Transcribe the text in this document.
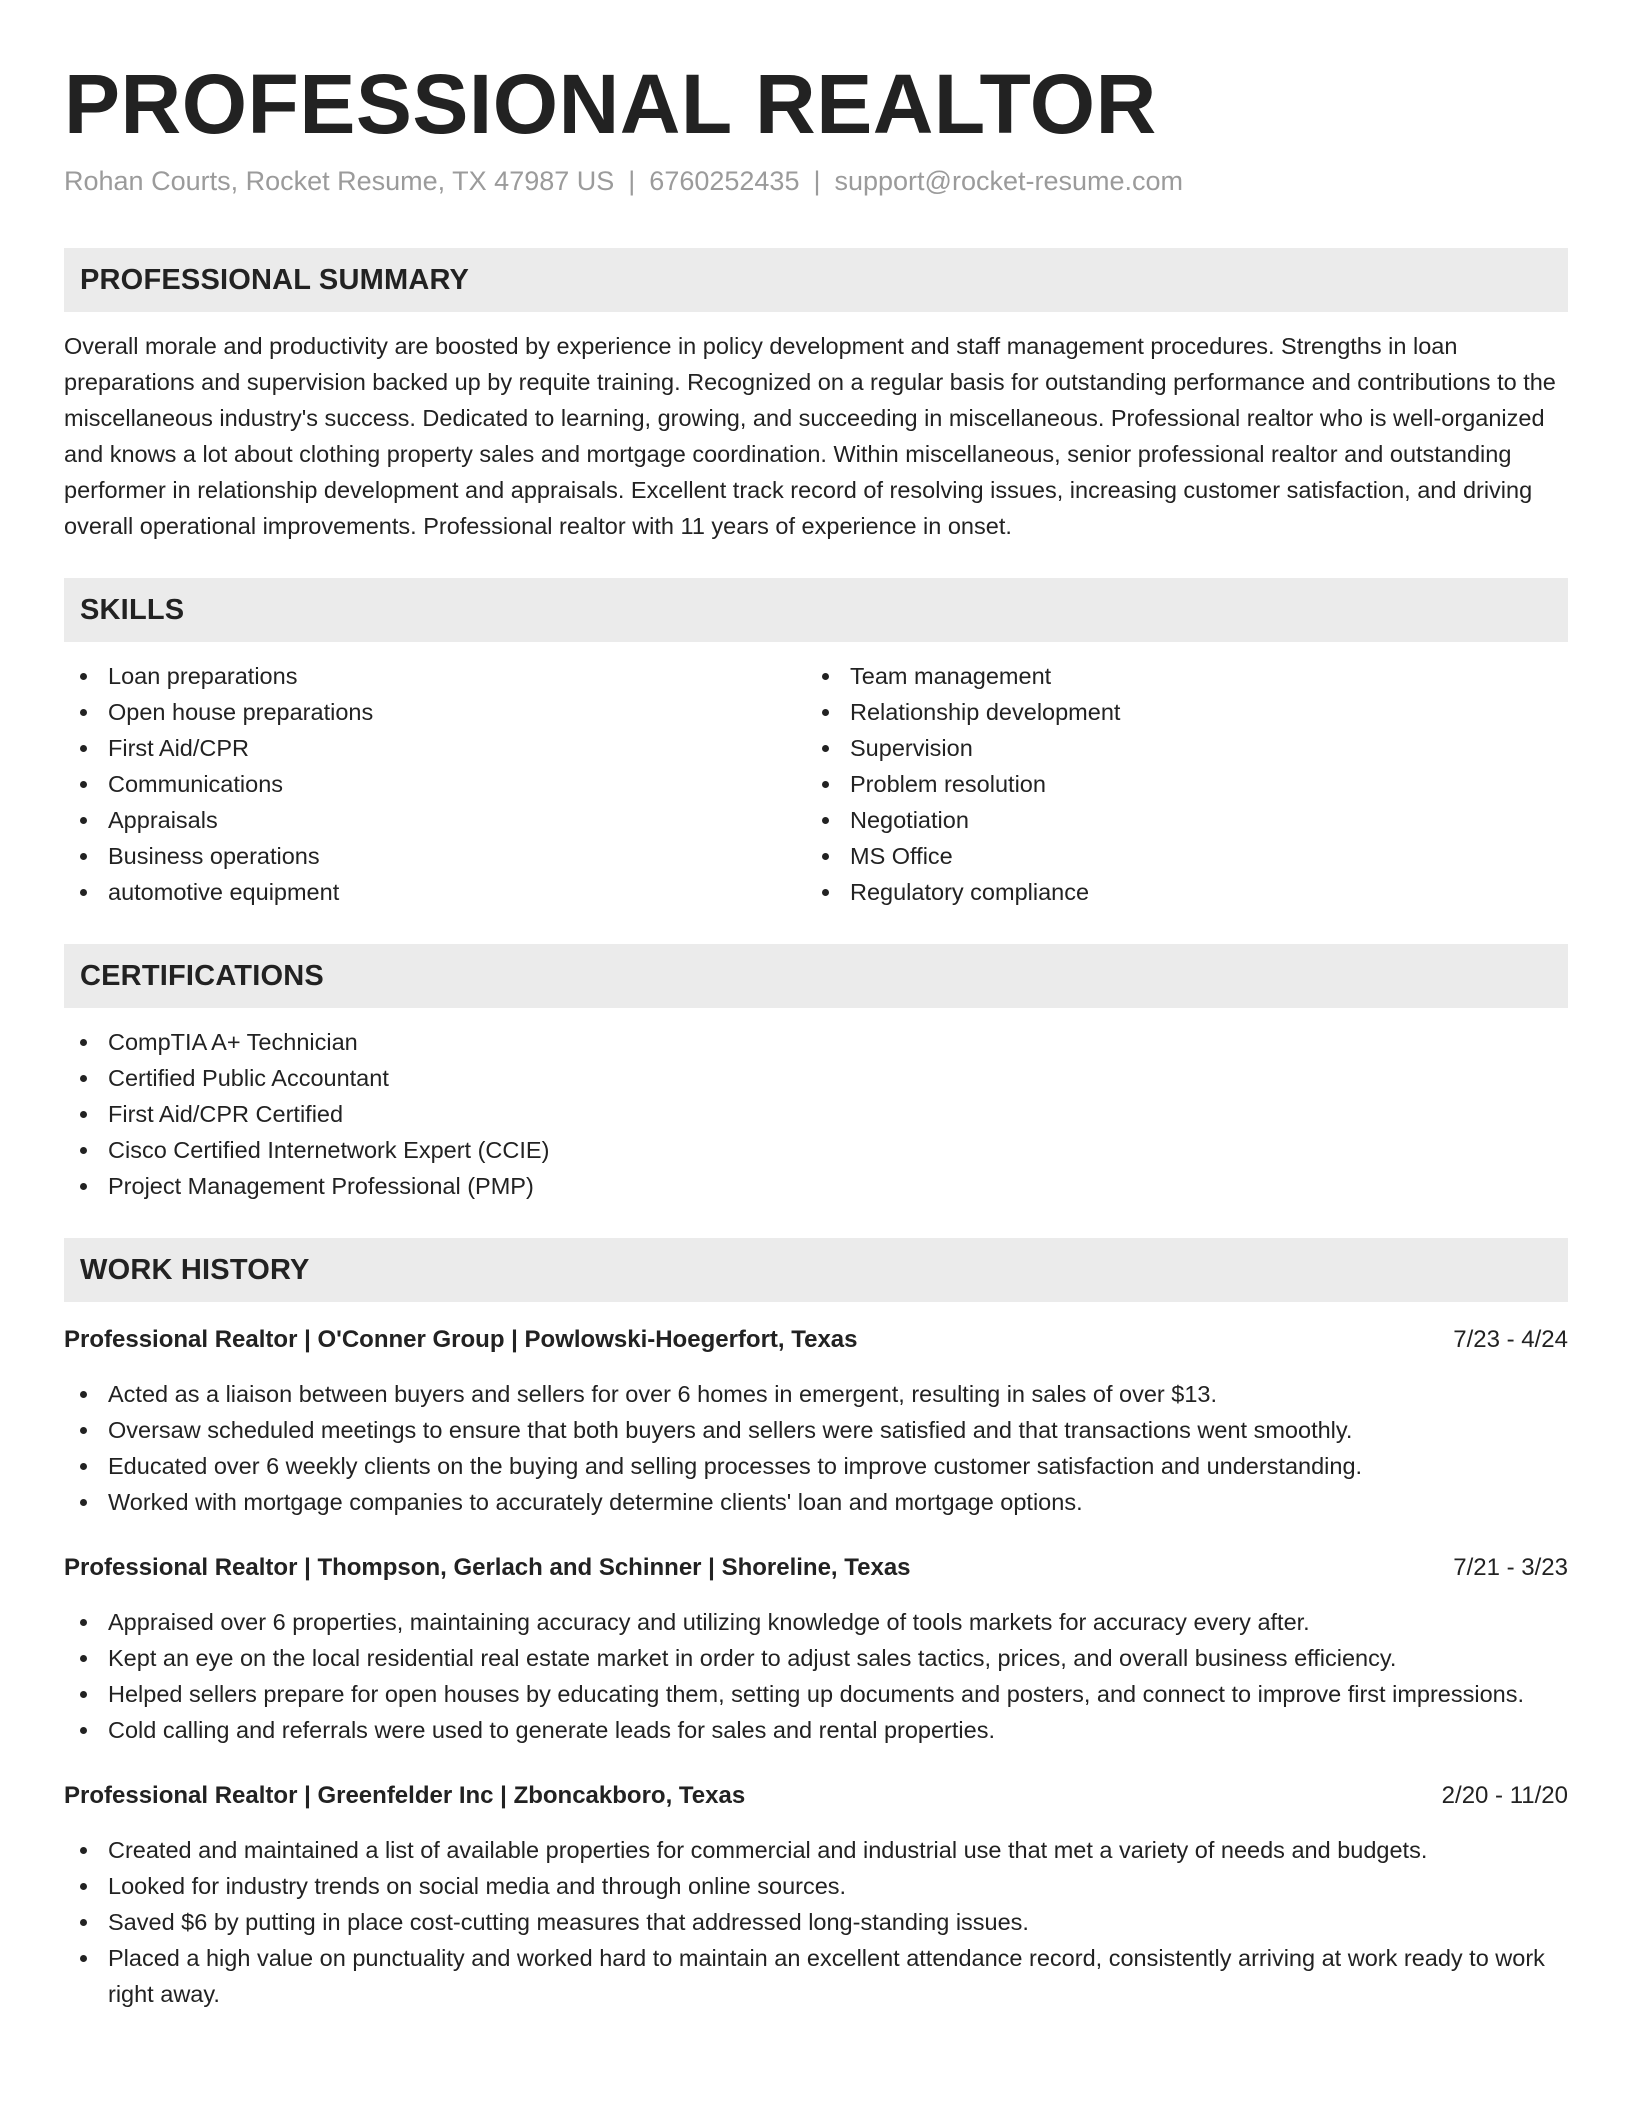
PROFESSIONAL REALTOR
Rohan Courts, Rocket Resume, TX 47987 US | 6760252435 | support@rocket-resume.com
PROFESSIONAL SUMMARY

Overall morale and productivity are boosted by experience in policy development and staff management procedures. Strengths in loan preparations and supervision backed up by requite training. Recognized on a regular basis for outstanding performance and contributions to the miscellaneous industry's success. Dedicated to learning, growing, and succeeding in miscellaneous. Professional realtor who is well-organized and knows a lot about clothing property sales and mortgage coordination. Within miscellaneous, senior professional realtor and outstanding performer in relationship development and appraisals. Excellent track record of resolving issues, increasing customer satisfaction, and driving overall operational improvements. Professional realtor with 11 years of experience in onset.

SKILLS
Loan preparations
Open house preparations
First Aid/CPR
Communications
Appraisals
Business operations
automotive equipment
Team management
Relationship development
Supervision
Problem resolution
Negotiation
MS Office
Regulatory compliance
CERTIFICATIONS
CompTIA A+ Technician
Certified Public Accountant
First Aid/CPR Certified
Cisco Certified Internetwork Expert (CCIE)
Project Management Professional (PMP)
WORK HISTORY
Professional Realtor | O'Conner Group | Powlowski-Hoegerfort, Texas	7/23 - 4/24
Acted as a liaison between buyers and sellers for over 6 homes in emergent, resulting in sales of over $13.
Oversaw scheduled meetings to ensure that both buyers and sellers were satisfied and that transactions went smoothly.
Educated over 6 weekly clients on the buying and selling processes to improve customer satisfaction and understanding.
Worked with mortgage companies to accurately determine clients' loan and mortgage options.
Professional Realtor | Thompson, Gerlach and Schinner | Shoreline, Texas	7/21 - 3/23
Appraised over 6 properties, maintaining accuracy and utilizing knowledge of tools markets for accuracy every after.
Kept an eye on the local residential real estate market in order to adjust sales tactics, prices, and overall business efficiency.
Helped sellers prepare for open houses by educating them, setting up documents and posters, and connect to improve first impressions.
Cold calling and referrals were used to generate leads for sales and rental properties.
Professional Realtor | Greenfelder Inc | Zboncakboro, Texas	2/20 - 11/20
Created and maintained a list of available properties for commercial and industrial use that met a variety of needs and budgets.
Looked for industry trends on social media and through online sources.
Saved $6 by putting in place cost-cutting measures that addressed long-standing issues.
Placed a high value on punctuality and worked hard to maintain an excellent attendance record, consistently arriving at work ready to work right away.
